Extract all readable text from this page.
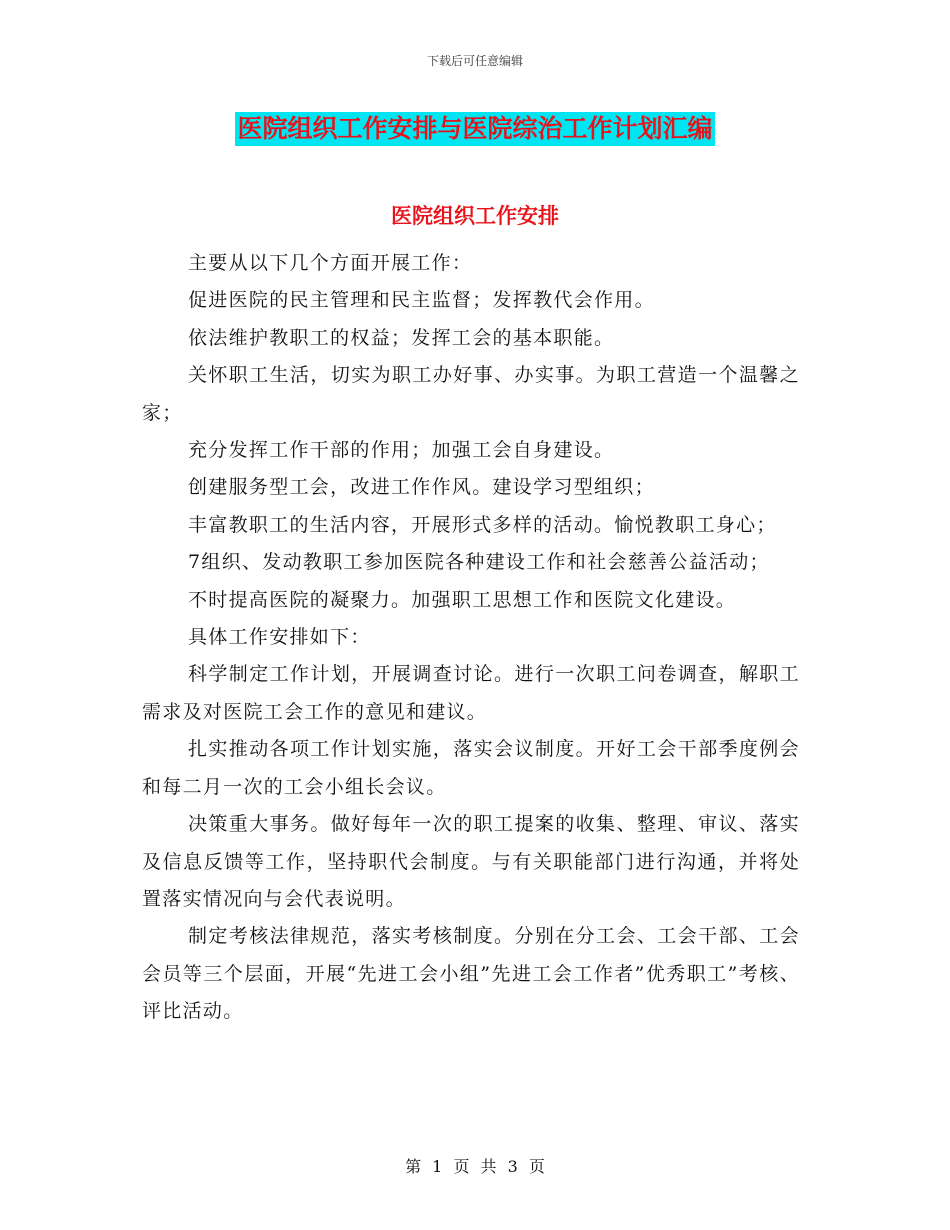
下载后可任意编辑
医院组织工作安排与医院综治工作计划汇编
医院组织工作安排

主要从以下几个方面开展工作：

促进医院的民主管理和民主监督；发挥教代会作用。

依法维护教职工的权益；发挥工会的基本职能。

关怀职工生活，切实为职工办好事、办实事。为职工营造一个温馨之家；

充分发挥工作干部的作用；加强工会自身建设。

创建服务型工会，改进工作作风。建设学习型组织；

丰富教职工的生活内容，开展形式多样的活动。愉悦教职工身心；

7组织、发动教职工参加医院各种建设工作和社会慈善公益活动；

不时提高医院的凝聚力。加强职工思想工作和医院文化建设。

具体工作安排如下：

科学制定工作计划，开展调查讨论。进行一次职工问卷调查，解职工需求及对医院工会工作的意见和建议。

扎实推动各项工作计划实施，落实会议制度。开好工会干部季度例会和每二月一次的工会小组长会议。

决策重大事务。做好每年一次的职工提案的收集、整理、审议、落实及信息反馈等工作，坚持职代会制度。与有关职能部门进行沟通，并将处置落实情况向与会代表说明。

制定考核法律规范，落实考核制度。分别在分工会、工会干部、工会会员等三个层面，开展“先进工会小组”先进工会工作者”优秀职工”考核、评比活动。

第 1 页 共 3 页
